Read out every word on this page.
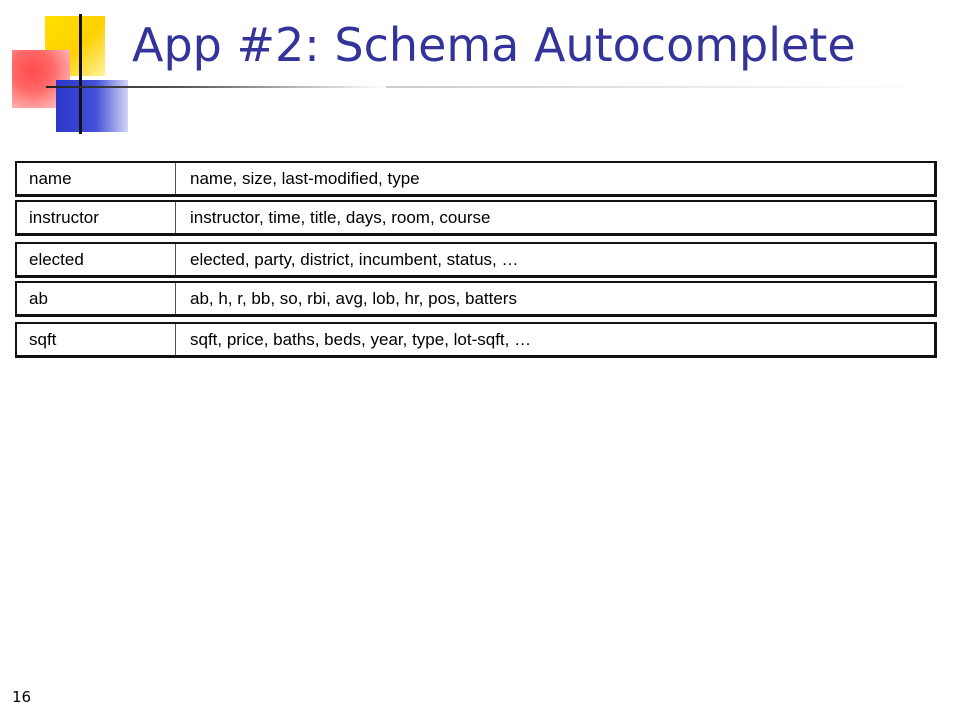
App #2: Schema Autocomplete
name	name, size, last-modified, type
instructor	instructor, time, title, days, room, course
elected	elected, party, district, incumbent, status, …
ab	ab, h, r, bb, so, rbi, avg, lob, hr, pos, batters
sqft	sqft, price, baths, beds, year, type, lot-sqft, …
16
